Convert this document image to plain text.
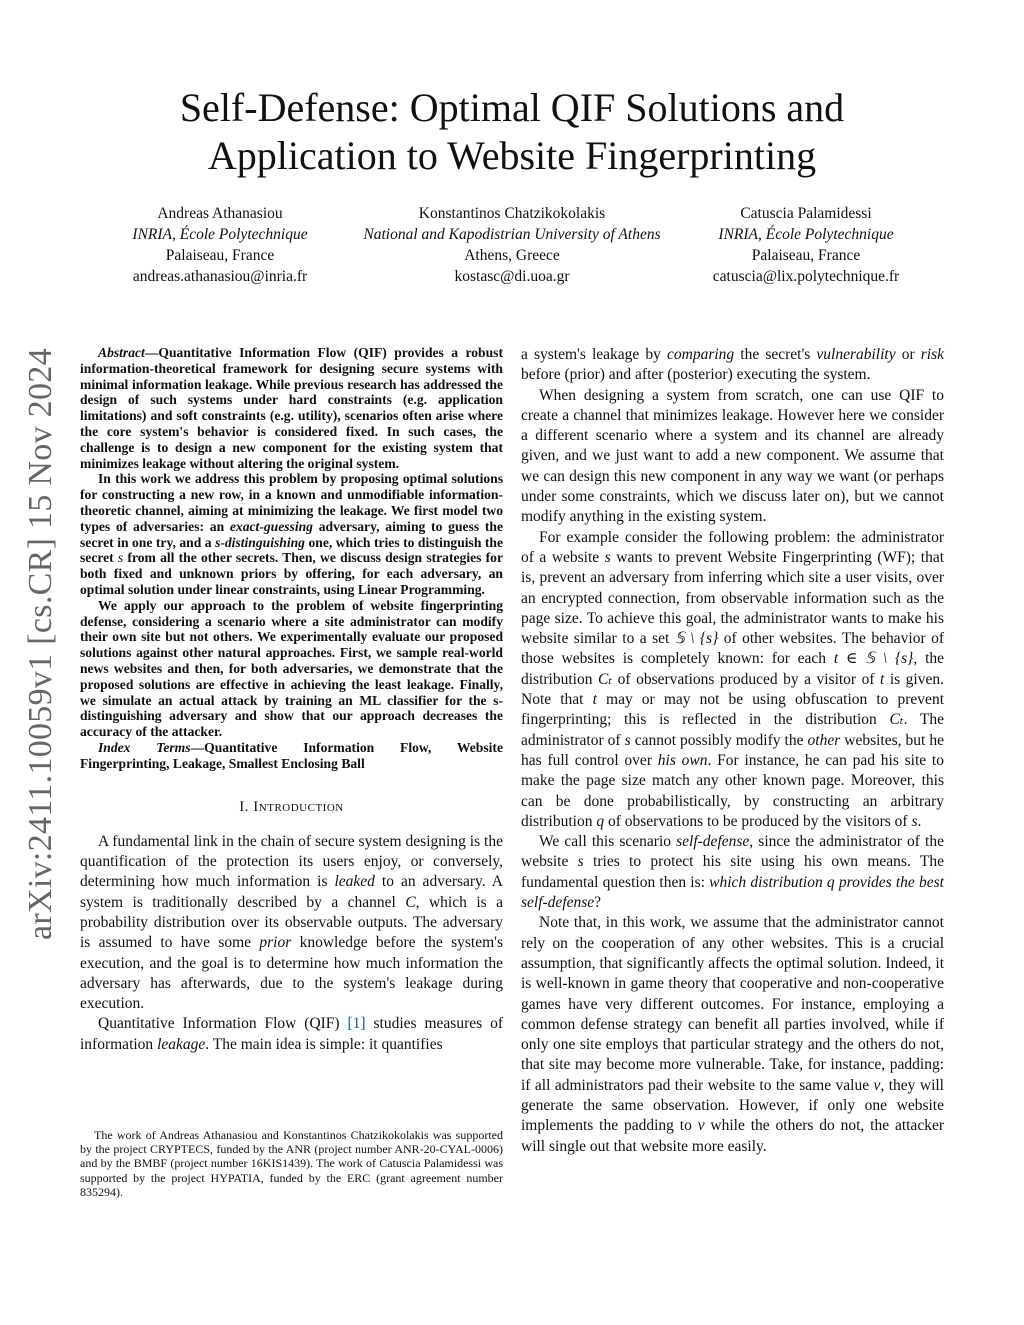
arXiv:2411.10059v1 [cs.CR] 15 Nov 2024
Self-Defense: Optimal QIF Solutions and
Application to Website Fingerprinting
Andreas Athanasiou
INRIA, École Polytechnique
Palaiseau, France
andreas.athanasiou@inria.fr
Konstantinos Chatzikokolakis
National and Kapodistrian University of Athens
Athens, Greece
kostasc@di.uoa.gr
Catuscia Palamidessi
INRIA, École Polytechnique
Palaiseau, France
catuscia@lix.polytechnique.fr

Abstract—Quantitative Information Flow (QIF) provides a robust information-theoretical framework for designing secure systems with minimal information leakage. While previous research has addressed the design of such systems under hard constraints (e.g. application limitations) and soft constraints (e.g. utility), scenarios often arise where the core system's behavior is considered fixed. In such cases, the challenge is to design a new component for the existing system that minimizes leakage without altering the original system.

In this work we address this problem by proposing optimal solutions for constructing a new row, in a known and unmodifiable information-theoretic channel, aiming at minimizing the leakage. We first model two types of adversaries: an exact-guessing adversary, aiming to guess the secret in one try, and a s-distinguishing one, which tries to distinguish the secret s from all the other secrets. Then, we discuss design strategies for both fixed and unknown priors by offering, for each adversary, an optimal solution under linear constraints, using Linear Programming.

We apply our approach to the problem of website fingerprinting defense, considering a scenario where a site administrator can modify their own site but not others. We experimentally evaluate our proposed solutions against other natural approaches. First, we sample real-world news websites and then, for both adversaries, we demonstrate that the proposed solutions are effective in achieving the least leakage. Finally, we simulate an actual attack by training an ML classifier for the s-distinguishing adversary and show that our approach decreases the accuracy of the attacker.

Index Terms—Quantitative Information Flow, Website Fingerprinting, Leakage, Smallest Enclosing Ball

I. Introduction

A fundamental link in the chain of secure system designing is the quantification of the protection its users enjoy, or conversely, determining how much information is leaked to an adversary. A system is traditionally described by a channel C, which is a probability distribution over its observable outputs. The adversary is assumed to have some prior knowledge before the system's execution, and the goal is to determine how much information the adversary has afterwards, due to the system's leakage during execution.

Quantitative Information Flow (QIF) [1] studies measures of information leakage. The main idea is simple: it quantifies

The work of Andreas Athanasiou and Konstantinos Chatzikokolakis was supported by the project CRYPTECS, funded by the ANR (project number ANR-20-CYAL-0006) and by the BMBF (project number 16KIS1439). The work of Catuscia Palamidessi was supported by the project HYPATIA, funded by the ERC (grant agreement number 835294).

a system's leakage by comparing the secret's vulnerability or risk before (prior) and after (posterior) executing the system.

When designing a system from scratch, one can use QIF to create a channel that minimizes leakage. However here we consider a different scenario where a system and its channel are already given, and we just want to add a new component. We assume that we can design this new component in any way we want (or perhaps under some constraints, which we discuss later on), but we cannot modify anything in the existing system.

For example consider the following problem: the administrator of a website s wants to prevent Website Fingerprinting (WF); that is, prevent an adversary from inferring which site a user visits, over an encrypted connection, from observable information such as the page size. To achieve this goal, the administrator wants to make his website similar to a set 𝕊 \ {s} of other websites. The behavior of those websites is completely known: for each t ∈ 𝕊 \ {s}, the distribution Cₜ of observations produced by a visitor of t is given. Note that t may or may not be using obfuscation to prevent fingerprinting; this is reflected in the distribution Cₜ. The administrator of s cannot possibly modify the other websites, but he has full control over his own. For instance, he can pad his site to make the page size match any other known page. Moreover, this can be done probabilistically, by constructing an arbitrary distribution q of observations to be produced by the visitors of s.

We call this scenario self-defense, since the administrator of the website s tries to protect his site using his own means. The fundamental question then is: which distribution q provides the best self-defense?

Note that, in this work, we assume that the administrator cannot rely on the cooperation of any other websites. This is a crucial assumption, that significantly affects the optimal solution. Indeed, it is well-known in game theory that cooperative and non-cooperative games have very different outcomes. For instance, employing a common defense strategy can benefit all parties involved, while if only one site employs that particular strategy and the others do not, that site may become more vulnerable. Take, for instance, padding: if all administrators pad their website to the same value v, they will generate the same observation. However, if only one website implements the padding to v while the others do not, the attacker will single out that website more easily.
